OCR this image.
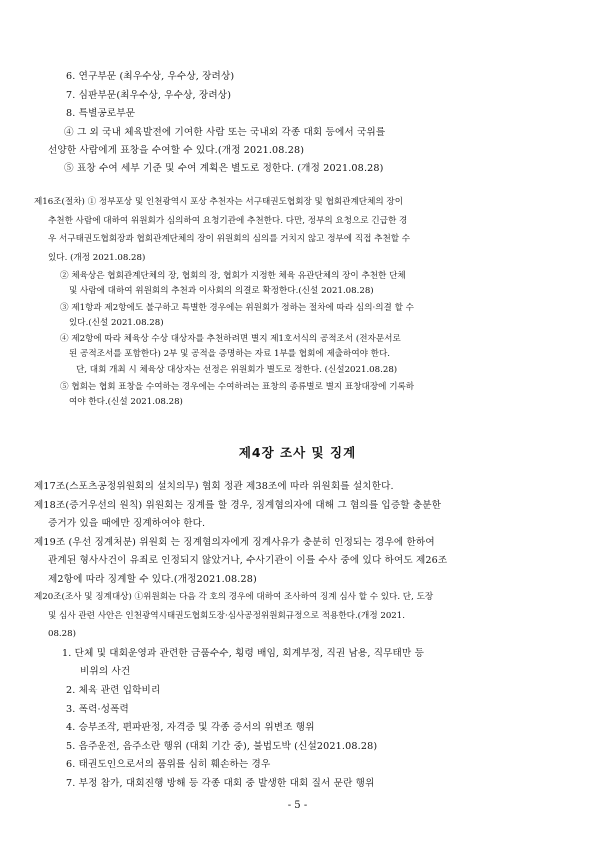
6. 연구부문 (최우수상, 우수상, 장려상)
7. 심판부문(최우수상, 우수상, 장려상)
8. 특별공로부문
④ 그 외 국내 체육발전에 기여한 사람 또는 국내외 각종 대회 등에서 국위를
선양한 사람에게 표창을 수여할 수 있다.(개정 2021.08.28)
⑤ 표창 수여 세부 기준 및 수여 계획은 별도로 정한다. (개정 2021.08.28)
제16조(절차) ① 정부포상 및 인천광역시 포상 추천자는 서구태권도협회장 및 협회관계단체의 장이
추천한 사람에 대하여 위원회가 심의하여 요청기관에 추천한다. 다만, 정부의 요청으로 긴급한 경
우 서구태권도협회장과 협회관계단체의 장이 위원회의 심의를 거치지 않고 정부에 직접 추천할 수
있다. (개정 2021.08.28)
② 체육상은 협회관계단체의 장, 협회의 장, 협회가 지정한 체육 유관단체의 장이 추천한 단체
및 사람에 대하여 위원회의 추천과 이사회의 의결로 확정한다.(신설 2021.08.28)
③ 제1항과 제2항에도 불구하고 특별한 경우에는 위원회가 정하는 절차에 따라 심의·의결 할 수
있다.(신설 2021.08.28)
④ 제2항에 따라 체육상 수상 대상자를 추천하려면 별지 제1호서식의 공적조서 (전자문서로
된 공적조서를 포함한다) 2부 및 공적을 증명하는 자료 1부를 협회에 제출하여야 한다.
단, 대회 개최 시 체육상 대상자는 선정은 위원회가 별도로 정한다. (신설2021.08.28)
⑤ 협회는 협회 표창을 수여하는 경우에는 수여하려는 표창의 종류별로 별지 표창대장에 기록하
여야 한다.(신설 2021.08.28)
제4장 조사 및 징계
제17조(스포츠공정위원회의 설치의무) 협회 정관 제38조에 따라 위원회를 설치한다.
제18조(증거우선의 원칙) 위원회는 징계를 할 경우, 징계혐의자에 대해 그 혐의를 입증할 충분한
증거가 있을 때에만 징계하여야 한다.
제19조 (우선 징계처분) 위원회 는 징계혐의자에게 징계사유가 충분히 인정되는 경우에 한하여
관계된 형사사건이 유죄로 인정되지 않았거나, 수사기관이 이를 수사 중에 있다 하여도 제26조
제2항에 따라 징계할 수 있다.(개정2021.08.28)
제20조(조사 및 징계대상) ①위원회는 다음 각 호의 경우에 대하여 조사하여 징계 심사 할 수 있다. 단, 도장
및 심사 관련 사안은 인천광역시태권도협회도장·심사공정위원회규정으로 적용한다.(개정 2021.
08.28)
1. 단체 및 대회운영과 관련한 금품수수, 횡령 배임, 회계부정, 직권 남용, 직무태만 등
비위의 사건
2. 체육 관련 입학비리
3. 폭력·성폭력
4. 승부조작, 편파판정, 자격증 및 각종 증서의 위변조 행위
5. 음주운전, 음주소란 행위 (대회 기간 중), 불법도박 (신설2021.08.28)
6. 태권도인으로서의 품위를 심히 훼손하는 경우
7. 부정 참가, 대회진행 방해 등 각종 대회 중 발생한 대회 질서 문란 행위
- 5 -
